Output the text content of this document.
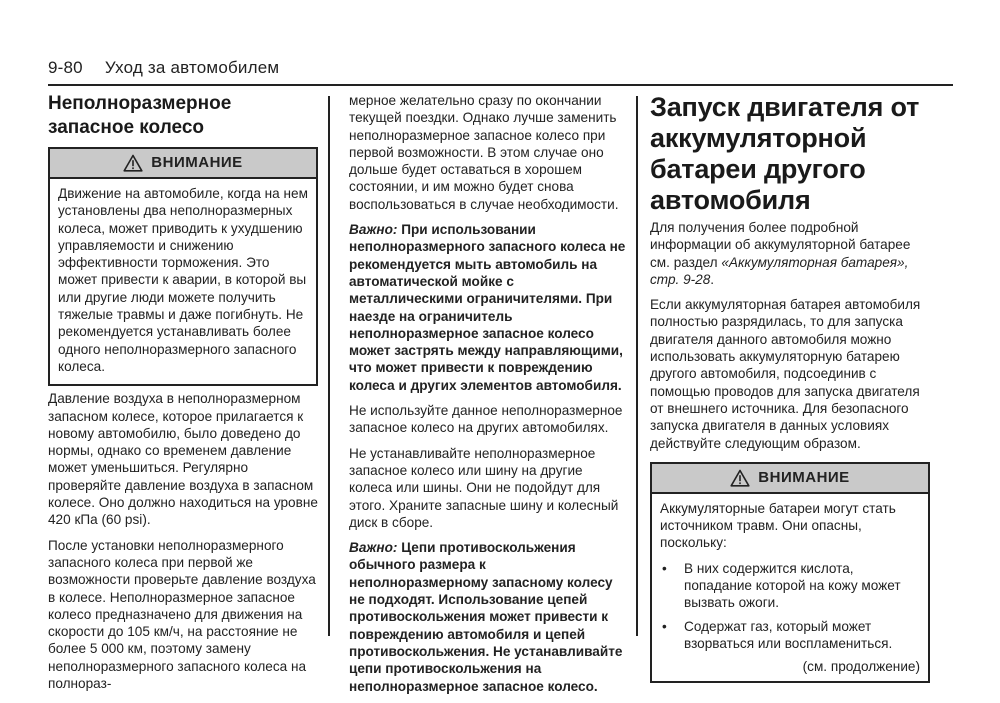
9-80 Уход за автомобилем
Неполноразмерное запасное колесо
ВНИМАНИЕ

Движение на автомобиле, когда на нем установлены два неполноразмерных колеса, может приводить к ухудшению управляемости и снижению эффективности торможения. Это может привести к аварии, в которой вы или другие люди можете получить тяжелые травмы и даже погибнуть. Не рекомендуется устанавливать более одного неполноразмерного запасного колеса.

Давление воздуха в неполноразмерном запасном колесе, которое прилагается к новому автомобилю, было доведено до нормы, однако со временем давление может уменьшиться. Регулярно проверяйте давление воздуха в запасном колесе. Оно должно находиться на уровне 420 кПа (60 psi).

После установки неполноразмерного запасного колеса при первой же возможности проверьте давление воздуха в колесе. Неполноразмерное запасное колесо предназначено для движения на скорости до 105 км/ч, на расстояние не более 5 000 км, поэтому замену неполноразмерного запасного колеса на полнораз-

мерное желательно сразу по окончании текущей поездки. Однако лучше заменить неполноразмерное запасное колесо при первой возможности. В этом случае оно дольше будет оставаться в хорошем состоянии, и им можно будет снова воспользоваться в случае необходимости.

Важно: При использовании неполноразмерного запасного колеса не рекомендуется мыть автомобиль на автоматической мойке с металлическими ограничителями. При наезде на ограничитель неполноразмерное запасное колесо может застрять между направляющими, что может привести к повреждению колеса и других элементов автомобиля.

Не используйте данное неполноразмерное запасное колесо на других автомобилях.

Не устанавливайте неполноразмерное запасное колесо или шину на другие колеса или шины. Они не подойдут для этого. Храните запасные шину и колесный диск в сборе.

Важно: Цепи противоскольжения обычного размера к неполноразмерному запасному колесу не подходят. Использование цепей противоскольжения может привести к повреждению автомобиля и цепей противоскольжения. Не устанавливайте цепи противоскольжения на неполноразмерное запасное колесо.

Запуск двигателя от аккумуляторной батареи другого автомобиля

Для получения более подробной информации об аккумуляторной батарее см. раздел «Аккумуляторная батарея», стр. 9-28.

Если аккумуляторная батарея автомобиля полностью разрядилась, то для запуска двигателя данного автомобиля можно использовать аккумуляторную батарею другого автомобиля, подсоединив с помощью проводов для запуска двигателя от внешнего источника. Для безопасного запуска двигателя в данных условиях действуйте следующим образом.

ВНИМАНИЕ

Аккумуляторные батареи могут стать источником травм. Они опасны, поскольку:

•	В них содержится кислота, попадание которой на кожу может вызвать ожоги.
•	Содержат газ, который может взорваться или воспламениться.
(см. продолжение)
